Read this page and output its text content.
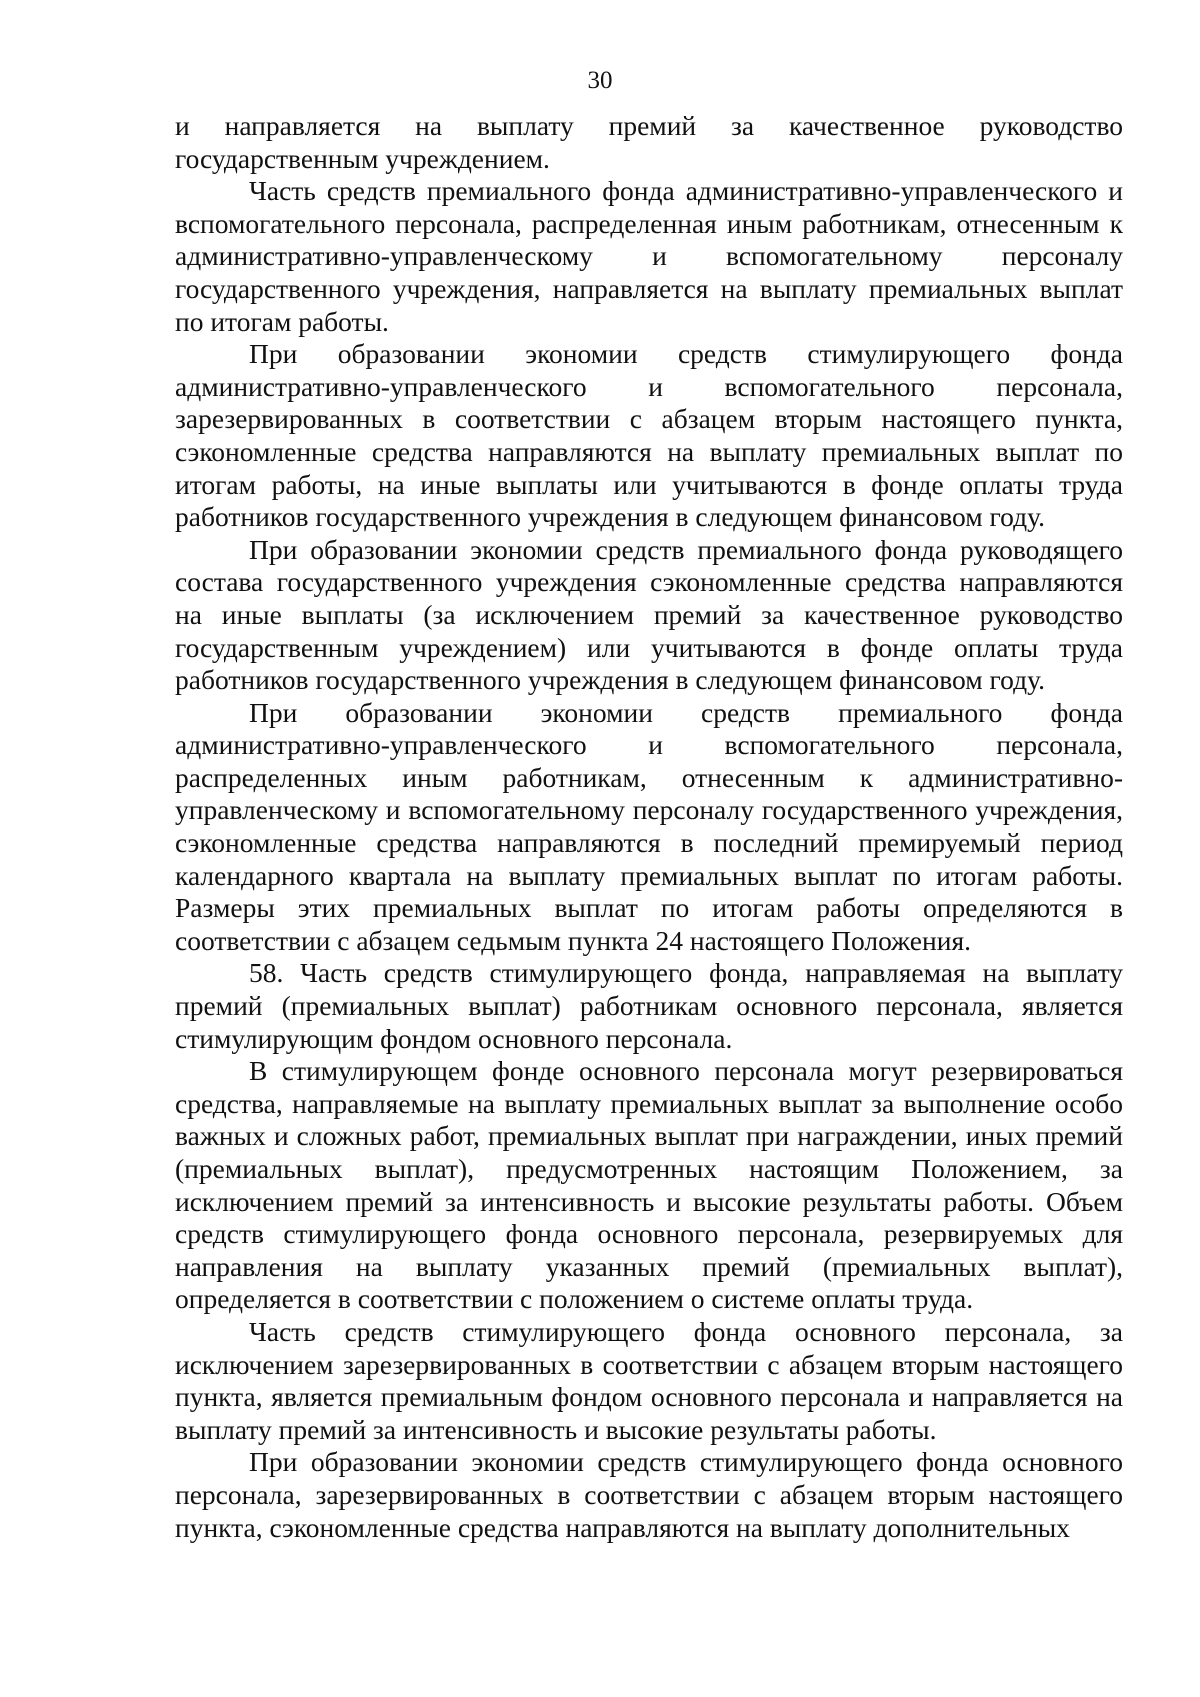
30

и направляется на выплату премий за качественное руководство государственным учреждением.

Часть средств премиального фонда административно-управленческого и вспомогательного персонала, распределенная иным работникам, отнесенным к административно-управленческому и вспомогательному персоналу государственного учреждения, направляется на выплату премиальных выплат по итогам работы.

При образовании экономии средств стимулирующего фонда административно-управленческого и вспомогательного персонала, зарезервированных в соответствии с абзацем вторым настоящего пункта, сэкономленные средства направляются на выплату премиальных выплат по итогам работы, на иные выплаты или учитываются в фонде оплаты труда работников государственного учреждения в следующем финансовом году.

При образовании экономии средств премиального фонда руководящего состава государственного учреждения сэкономленные средства направляются на иные выплаты (за исключением премий за качественное руководство государственным учреждением) или учитываются в фонде оплаты труда работников государственного учреждения в следующем финансовом году.

При образовании экономии средств премиального фонда административно-управленческого и вспомогательного персонала, распределенных иным работникам, отнесенным к административно-управленческому и вспомогательному персоналу государственного учреждения, сэкономленные средства направляются в последний премируемый период календарного квартала на выплату премиальных выплат по итогам работы. Размеры этих премиальных выплат по итогам работы определяются в соответствии с абзацем седьмым пункта 24 настоящего Положения.

58. Часть средств стимулирующего фонда, направляемая на выплату премий (премиальных выплат) работникам основного персонала, является стимулирующим фондом основного персонала.

В стимулирующем фонде основного персонала могут резервироваться средства, направляемые на выплату премиальных выплат за выполнение особо важных и сложных работ, премиальных выплат при награждении, иных премий (премиальных выплат), предусмотренных настоящим Положением, за исключением премий за интенсивность и высокие результаты работы. Объем средств стимулирующего фонда основного персонала, резервируемых для направления на выплату указанных премий (премиальных выплат), определяется в соответствии с положением о системе оплаты труда.

Часть средств стимулирующего фонда основного персонала, за исключением зарезервированных в соответствии с абзацем вторым настоящего пункта, является премиальным фондом основного персонала и направляется на выплату премий за интенсивность и высокие результаты работы.

При образовании экономии средств стимулирующего фонда основного персонала, зарезервированных в соответствии с абзацем вторым настоящего пункта, сэкономленные средства направляются на выплату дополнительных
